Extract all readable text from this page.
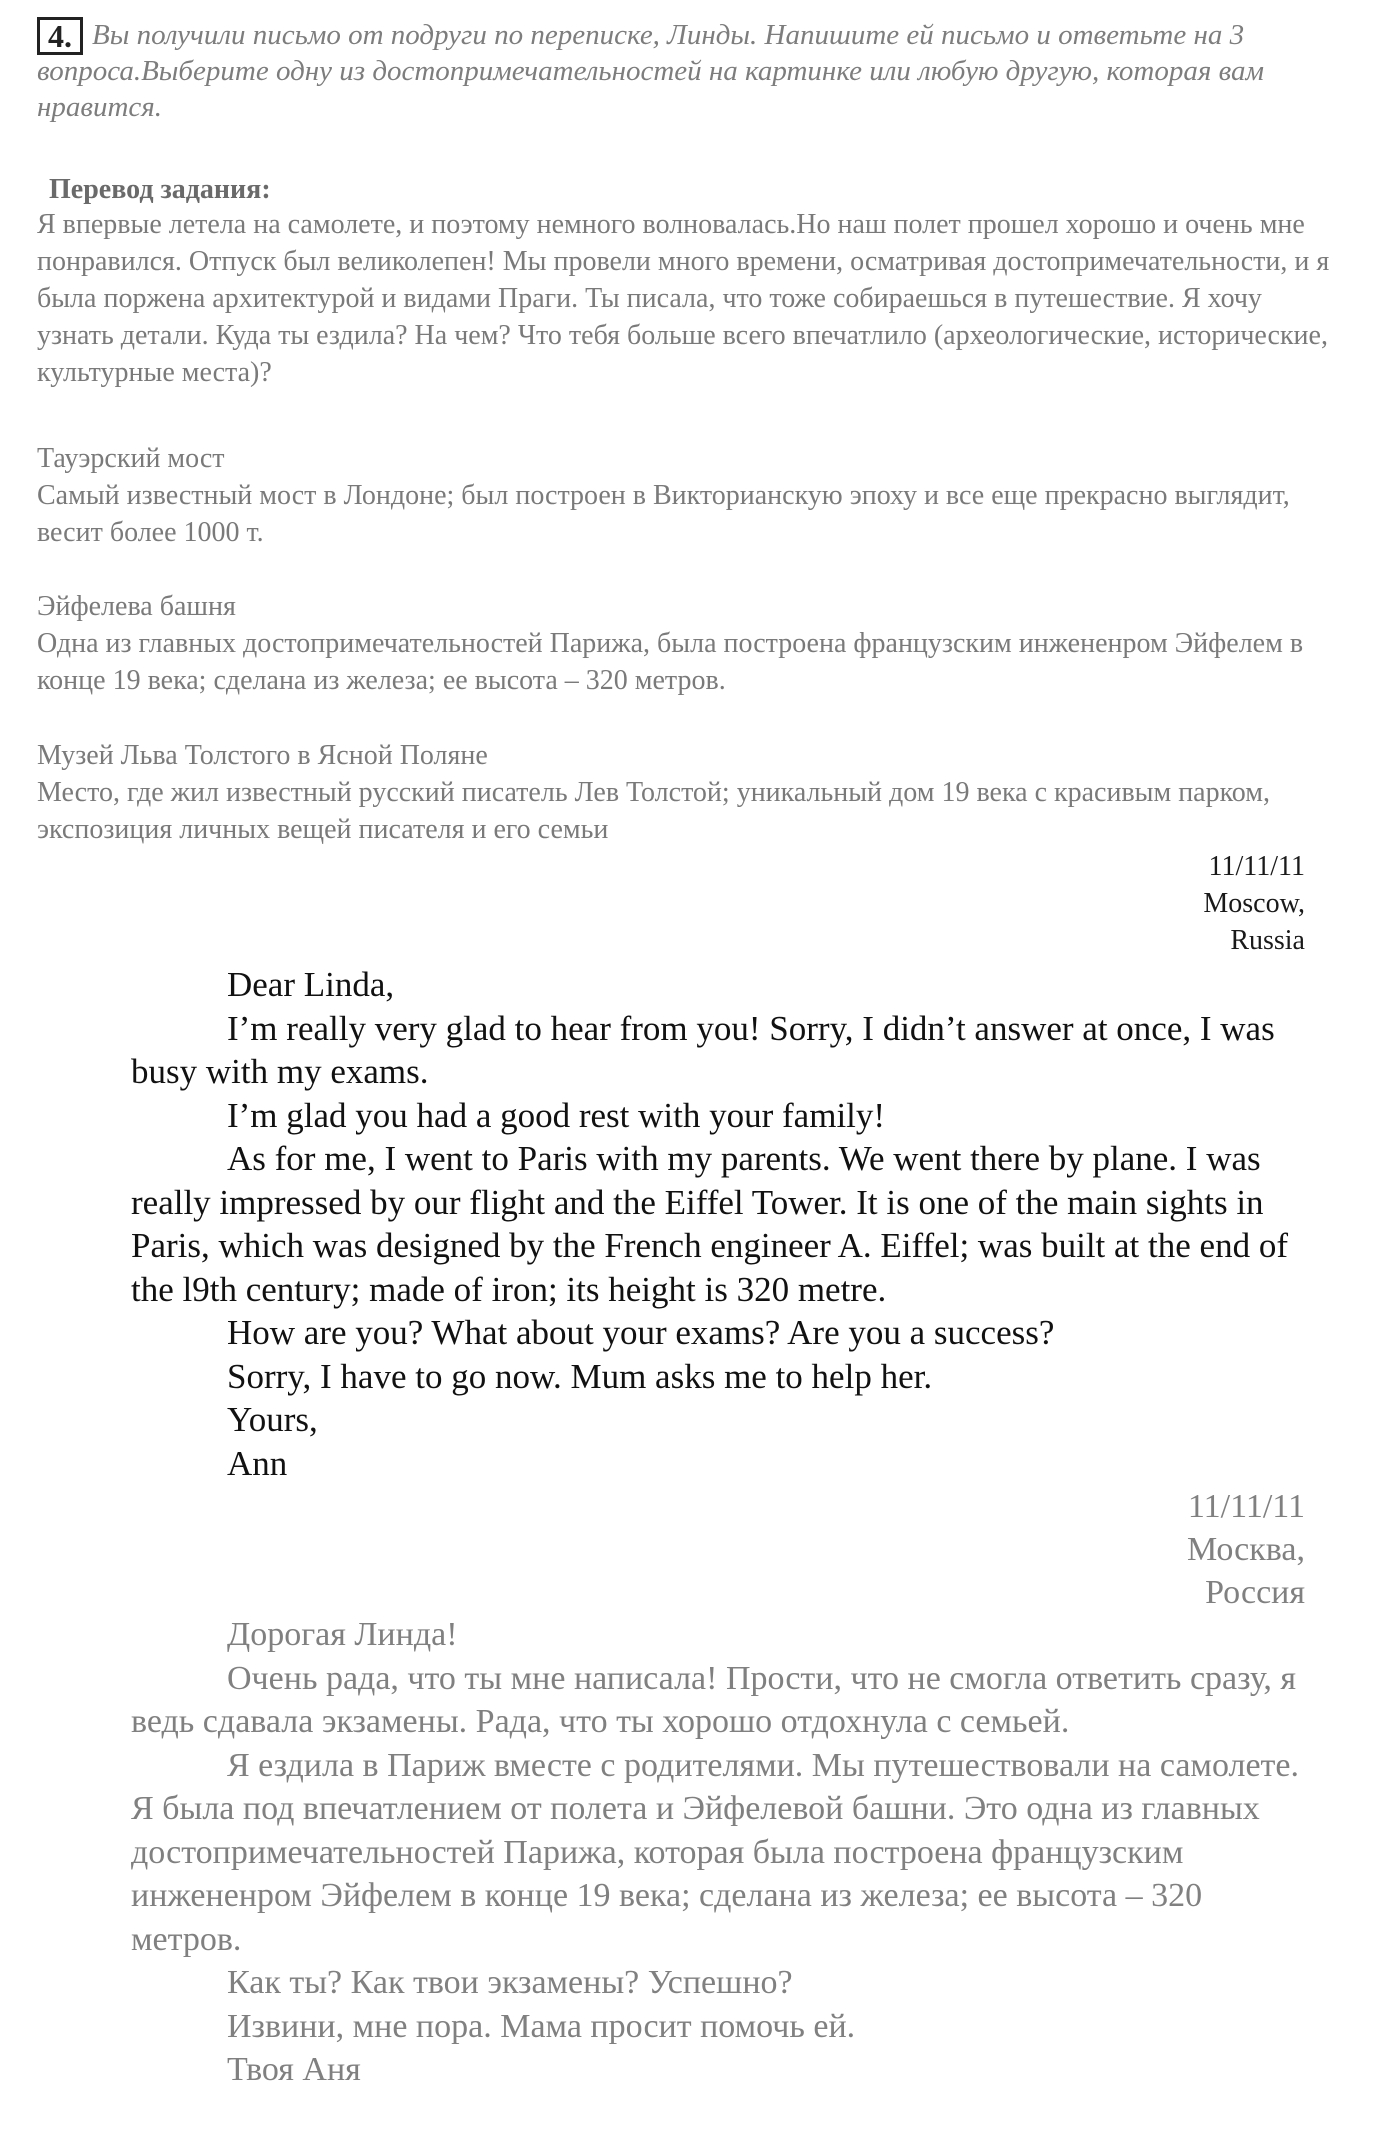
4. Вы получили письмо от подруги по переписке, Линды. Напишите ей письмо и ответьте на 3 вопроса.Выберите одну из достопримечательностей на картинке или любую другую, которая вам нравится.

Перевод задания:

Я впервые летела на самолете, и поэтому немного волновалась.Но наш полет прошел хорошо и очень мне понравился. Отпуск был великолепен! Мы провели много времени, осматривая достопримечательности, и я была поржена архитектурой и видами Праги. Ты писала, что тоже собираешься в путешествие. Я хочу узнать детали. Куда ты ездила? На чем? Что тебя больше всего впечатлило (археологические, исторические, культурные места)?

Тауэрский мост

Самый известный мост в Лондоне; был построен в Викторианскую эпоху и все еще прекрасно выглядит, весит более 1000 т.

Эйфелева башня

Одна из главных достопримечательностей Парижа, была построена французским инжененром Эйфелем в конце 19 века; сделана из железа; ее высота – 320 метров.

Музей Льва Толстого в Ясной Поляне

Место, где жил известный русский писатель Лев Толстой; уникальный дом 19 века с красивым парком, экспозиция личных вещей писателя и его семьи

11/11/11
Moscow,
Russia

Dear Linda,

I’m really very glad to hear from you! Sorry, I didn’t answer at once, I was busy with my exams.

I’m glad you had a good rest with your family!

As for me, I went to Paris with my parents. We went there by plane. I was really impressed by our flight and the Eiffel Tower. It is one of the main sights in Paris, which was designed by the French engineer A. Eiffel; was built at the end of the l9th century; made of iron; its height is 320 metre.

How are you? What about your exams? Are you a success?

Sorry, I have to go now. Mum asks me to help her.

Yours,

Ann

11/11/11
Москва,
Россия

Дорогая Линда!

Очень рада, что ты мне написала! Прости, что не смогла ответить сразу, я ведь сдавала экзамены. Рада, что ты хорошо отдохнула с семьей.

Я ездила в Париж вместе с родителями. Мы путешествовали на самолете. Я была под впечатлением от полета и Эйфелевой башни. Это одна из главных достопримечательностей Парижа, которая была построена французским инжененром Эйфелем в конце 19 века; сделана из железа; ее высота – 320 метров.

Как ты? Как твои экзамены? Успешно?

Извини, мне пора. Мама просит помочь ей.

Твоя Аня
